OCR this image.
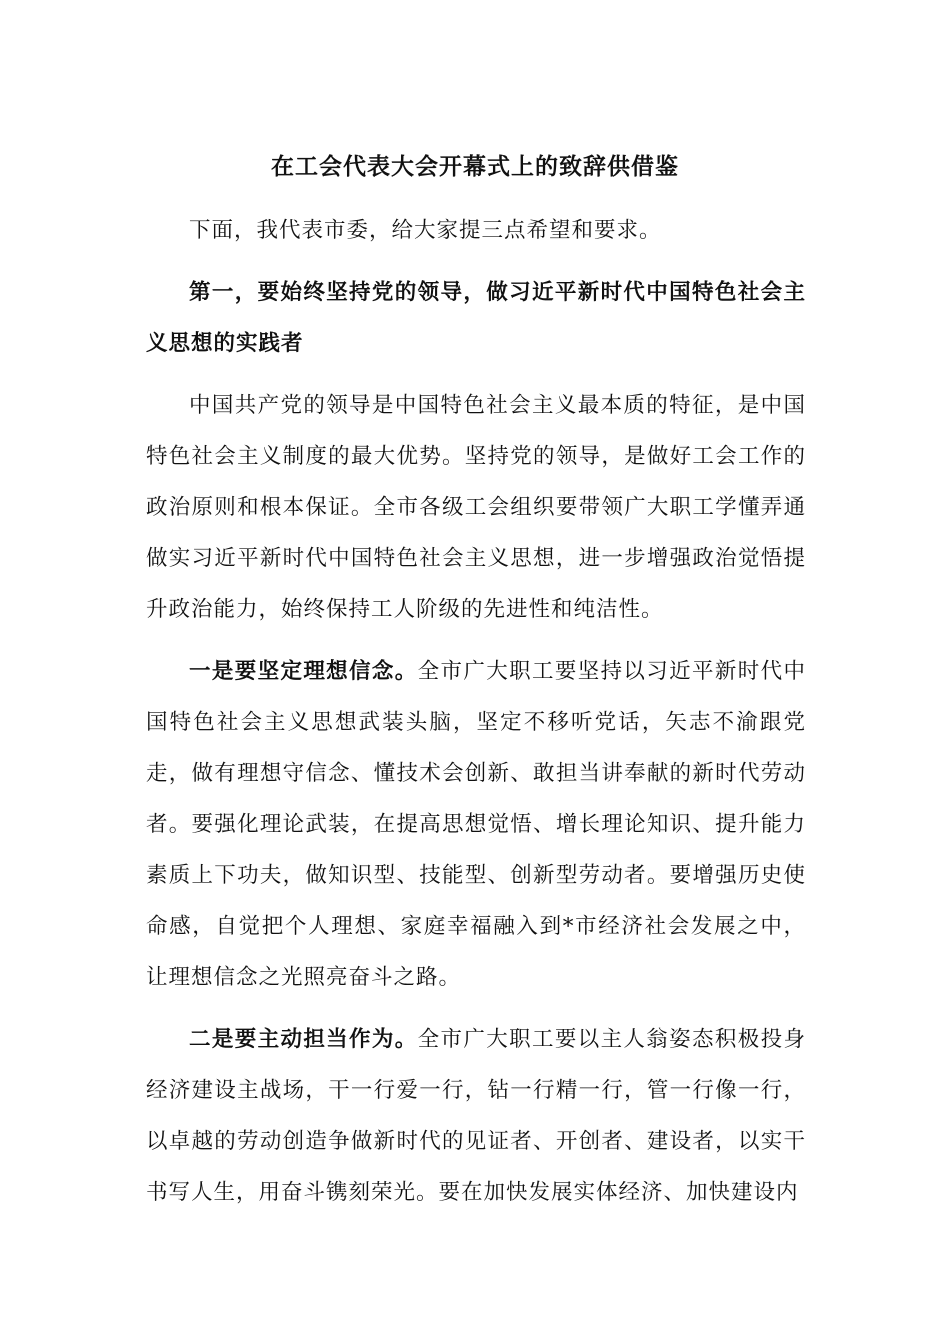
在工会代表大会开幕式上的致辞供借鉴

下面，我代表市委，给大家提三点希望和要求。

第一，要始终坚持党的领导，做习近平新时代中国特色社会主义思想的实践者

中国共产党的领导是中国特色社会主义最本质的特征，是中国特色社会主义制度的最大优势。坚持党的领导，是做好工会工作的政治原则和根本保证。全市各级工会组织要带领广大职工学懂弄通做实习近平新时代中国特色社会主义思想，进一步增强政治觉悟提升政治能力，始终保持工人阶级的先进性和纯洁性。

一是要坚定理想信念。全市广大职工要坚持以习近平新时代中国特色社会主义思想武装头脑，坚定不移听党话，矢志不渝跟党走，做有理想守信念、懂技术会创新、敢担当讲奉献的新时代劳动者。要强化理论武装，在提高思想觉悟、增长理论知识、提升能力素质上下功夫，做知识型、技能型、创新型劳动者。要增强历史使命感，自觉把个人理想、家庭幸福融入到*市经济社会发展之中，让理想信念之光照亮奋斗之路。

二是要主动担当作为。全市广大职工要以主人翁姿态积极投身经济建设主战场，干一行爱一行，钻一行精一行，管一行像一行，以卓越的劳动创造争做新时代的见证者、开创者、建设者，以实干书写人生，用奋斗镌刻荣光。要在加快发展实体经济、加快建设内
